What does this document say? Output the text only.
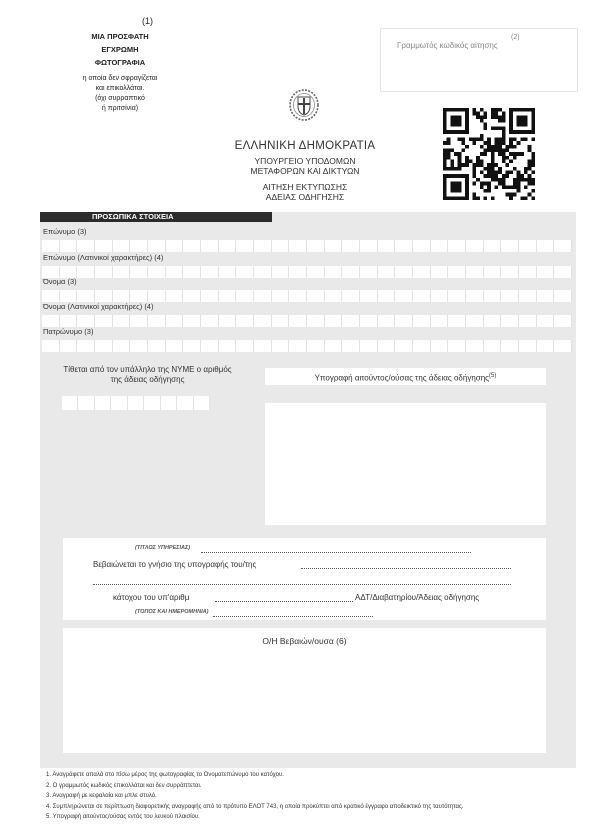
(1)
ΜΙΑ ΠΡΟΣΦΑΤΗ
ΕΓΧΡΩΜΗ
ΦΩΤΟΓΡΑΦΙΑ
η οποία δεν σφραγίζεται
και επικολλάται.
(όχι συρραπτικό
ή πριτσίνια)
(2)
Γραμμωτός κωδικός αίτησης
ΕΛΛΗΝΙΚΗ ΔΗΜΟΚΡΑΤΙΑ
ΥΠΟΥΡΓΕΙΟ ΥΠΟΔΟΜΩΝ
ΜΕΤΑΦΟΡΩΝ ΚΑΙ ΔΙΚΤΥΩΝ
ΑΙΤΗΣΗ ΕΚΤΥΠΩΣΗΣ
ΑΔΕΙΑΣ ΟΔΗΓΗΣΗΣ
ΠΡΟΣΩΠΙΚΑ ΣΤΟΙΧΕΙΑ
Επώνυμο (3)
Επώνυμο (Λατινικοί χαρακτήρες) (4)
Όνομα (3)
Όνομα (Λατινικοί χαρακτήρες) (4)
Πατρώνυμο (3)
Τίθεται από τον υπάλληλο της ΝΥΜΕ ο αριθμός
της άδειας οδήγησης	Υπογραφή αιτούντος/ούσας της άδειας οδήγησης$^{(5)}$
(ΤΙΤΛΟΣ ΥΠΗΡΕΣΙΑΣ)
Βεβαιώνεται το γνήσιο της υπογραφής του/της
κάτοχου του υπ'αριθμ	ΑΔΤ/Διαβατηρίου/Άδειας οδήγησης
(ΤΟΠΟΣ ΚΑΙ ΗΜΕΡΟΜΗΝΙΑ)
Ο/Η Βεβαιών/ουσα (6)
1. Αναγράφετε απαλά στο πίσω μέρος της φωτογραφίας το Ονοματεπώνυμο του κατόχου.
2. Ο γραμμωτός κωδικός επικολλάται και δεν συρράπτεται.
3. Αναγραφή με κεφαλαία και μπλε στυλό.
4. Συμπληρώνεται σε περίπτωση διαφορετικής αναγραφής από το πρότυπο ΕΛΟΤ 743, η οποία προκύπτει από κρατικό έγγραφο αποδεικτικό της ταυτότητας.
5. Υπογραφή αιτούντος/ούσας εντός του λευκού πλαισίου.
